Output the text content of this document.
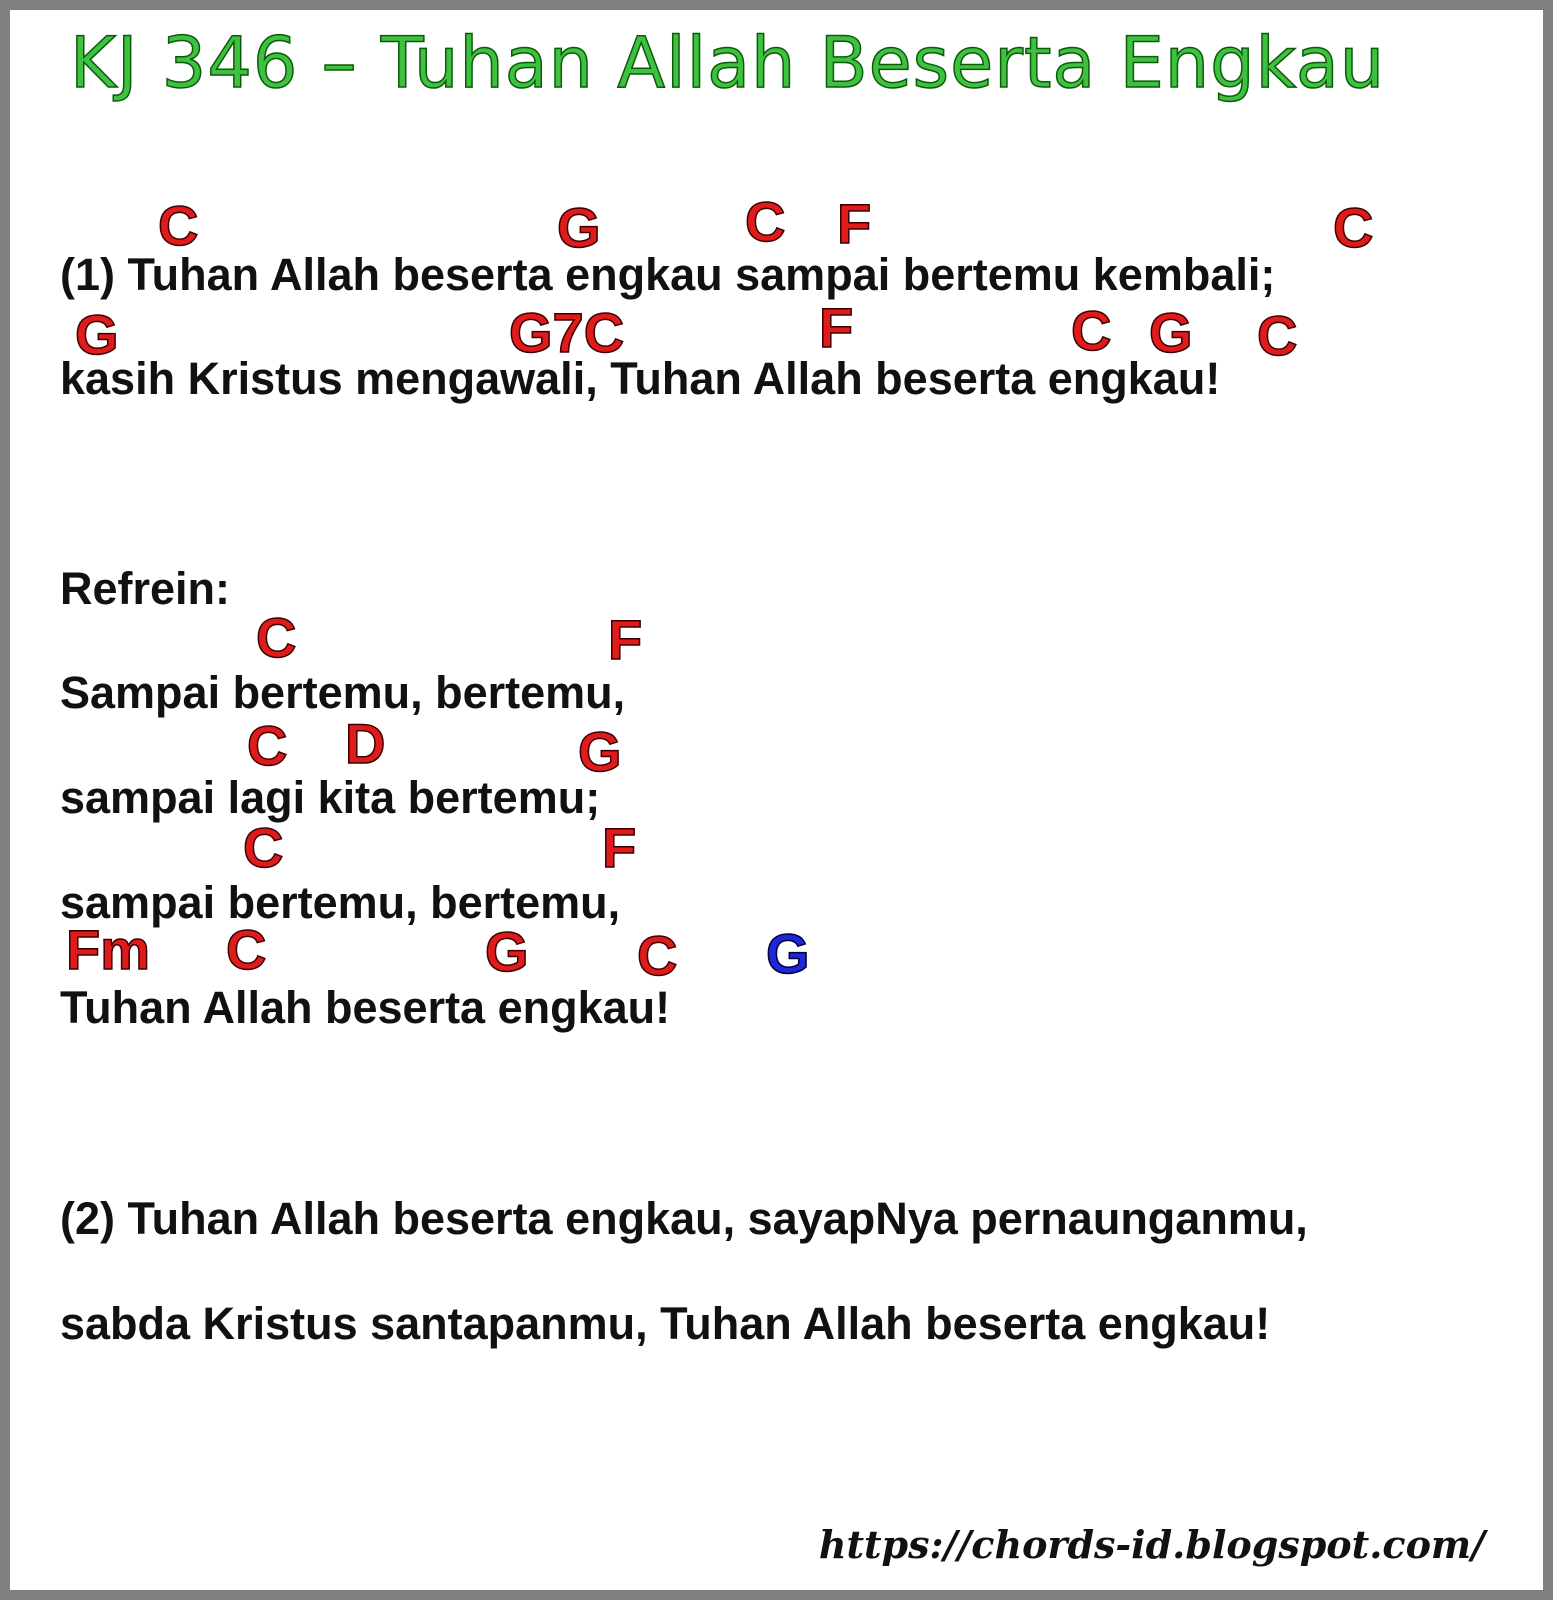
KJ 346 – Tuhan Allah Beserta Engkau
C	G	C F	C
(1) Tuhan Allah beserta engkau sampai bertemu kembali;
G	G7C	F	C G C
kasih Kristus mengawali, Tuhan Allah beserta engkau!
Refrein:
C	F
Sampai bertemu, bertemu,
C D	G
sampai lagi kita bertemu;
C	F
sampai bertemu, bertemu,
Fm C	G C G
Tuhan Allah beserta engkau!
(2) Tuhan Allah beserta engkau, sayapNya pernaunganmu,
sabda Kristus santapanmu, Tuhan Allah beserta engkau!
https://chords-id.blogspot.com/
